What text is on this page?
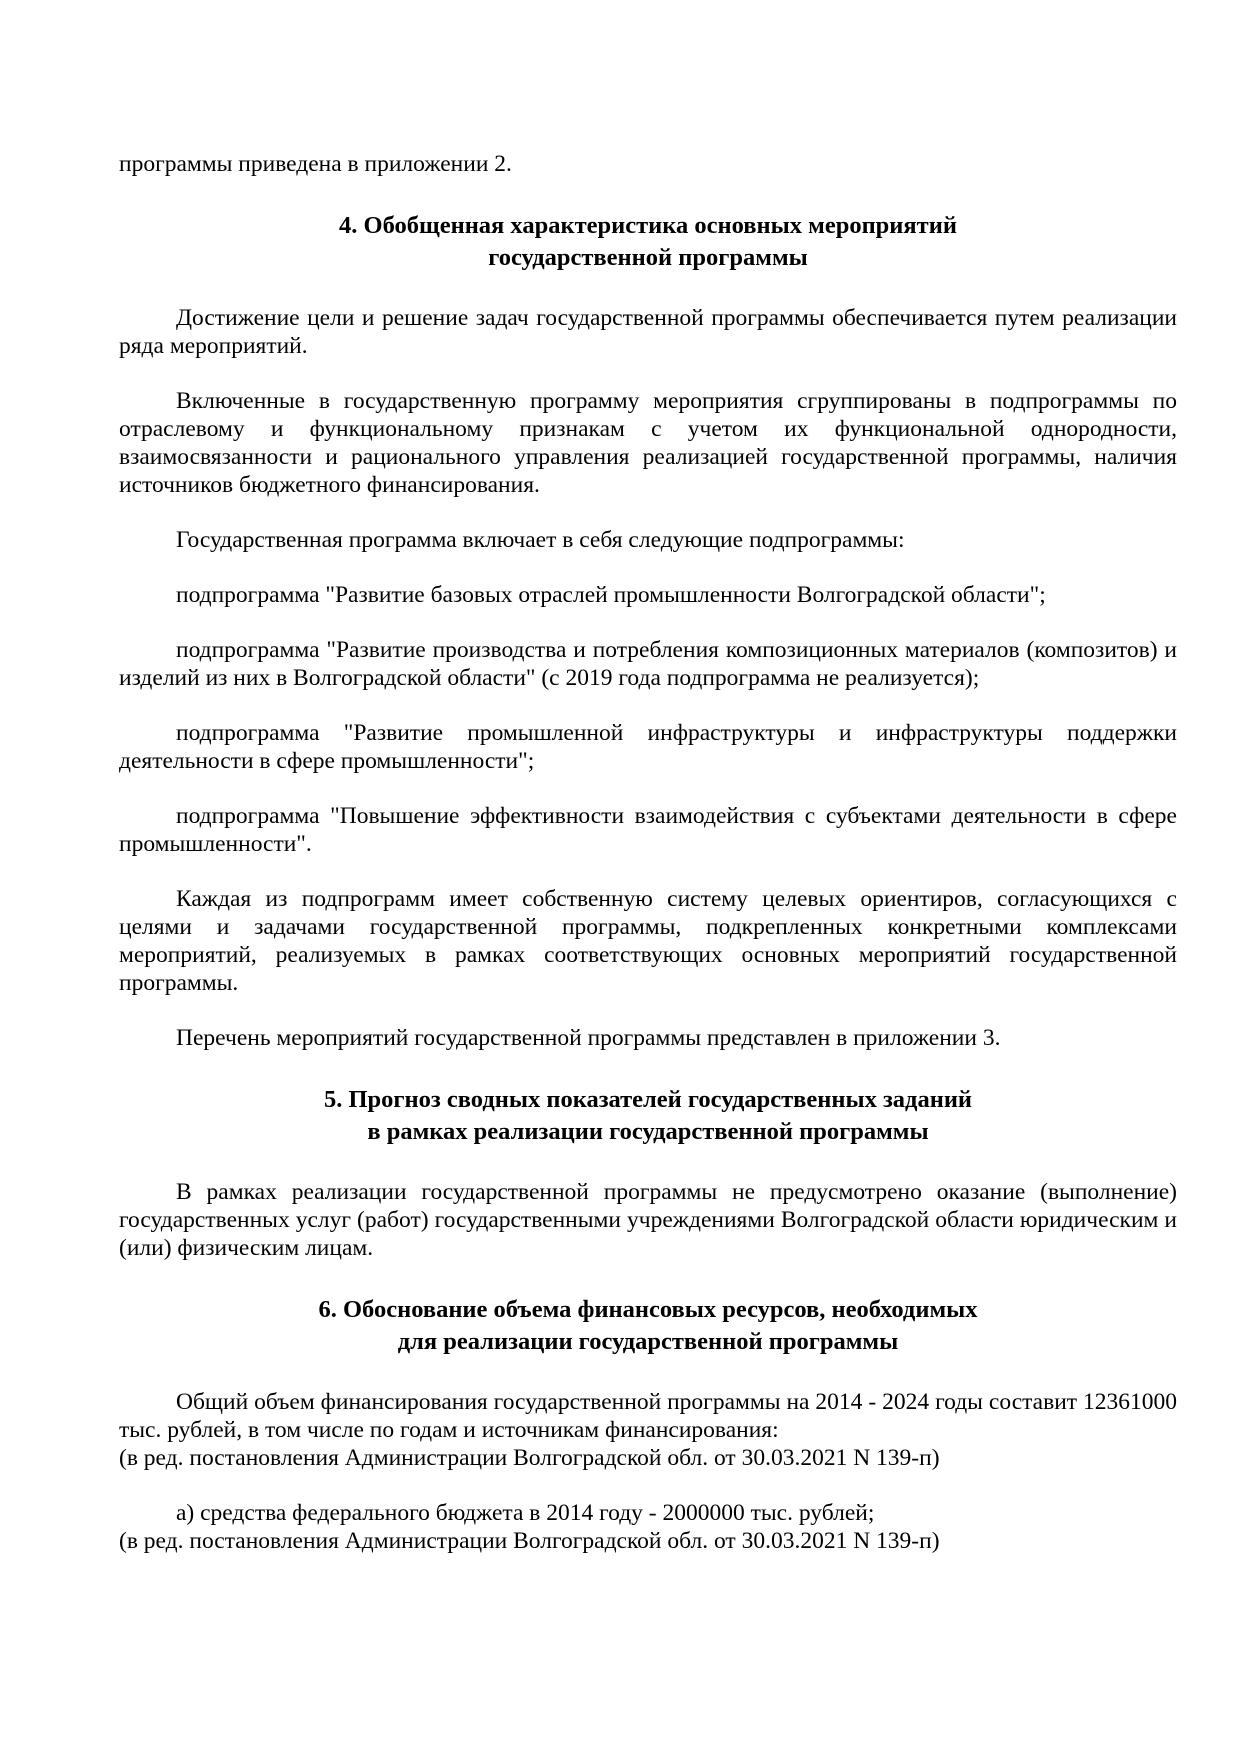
программы приведена в приложении 2.

4. Обобщенная характеристика основных мероприятий
государственной программы

Достижение цели и решение задач государственной программы обеспечивается путем реализации ряда мероприятий.

Включенные в государственную программу мероприятия сгруппированы в подпрограммы по отраслевому и функциональному признакам с учетом их функциональной однородности, взаимосвязанности и рационального управления реализацией государственной программы, наличия источников бюджетного финансирования.

Государственная программа включает в себя следующие подпрограммы:

подпрограмма "Развитие базовых отраслей промышленности Волгоградской области";

подпрограмма "Развитие производства и потребления композиционных материалов (композитов) и изделий из них в Волгоградской области" (с 2019 года подпрограмма не реализуется);

подпрограмма "Развитие промышленной инфраструктуры и инфраструктуры поддержки деятельности в сфере промышленности";

подпрограмма "Повышение эффективности взаимодействия с субъектами деятельности в сфере промышленности".

Каждая из подпрограмм имеет собственную систему целевых ориентиров, согласующихся с целями и задачами государственной программы, подкрепленных конкретными комплексами мероприятий, реализуемых в рамках соответствующих основных мероприятий государственной программы.

Перечень мероприятий государственной программы представлен в приложении 3.

5. Прогноз сводных показателей государственных заданий
в рамках реализации государственной программы

В рамках реализации государственной программы не предусмотрено оказание (выполнение) государственных услуг (работ) государственными учреждениями Волгоградской области юридическим и (или) физическим лицам.

6. Обоснование объема финансовых ресурсов, необходимых
для реализации государственной программы

Общий объем финансирования государственной программы на 2014 - 2024 годы составит 12361000 тыс. рублей, в том числе по годам и источникам финансирования:

(в ред. постановления Администрации Волгоградской обл. от 30.03.2021 N 139-п)

а) средства федерального бюджета в 2014 году - 2000000 тыс. рублей;

(в ред. постановления Администрации Волгоградской обл. от 30.03.2021 N 139-п)
